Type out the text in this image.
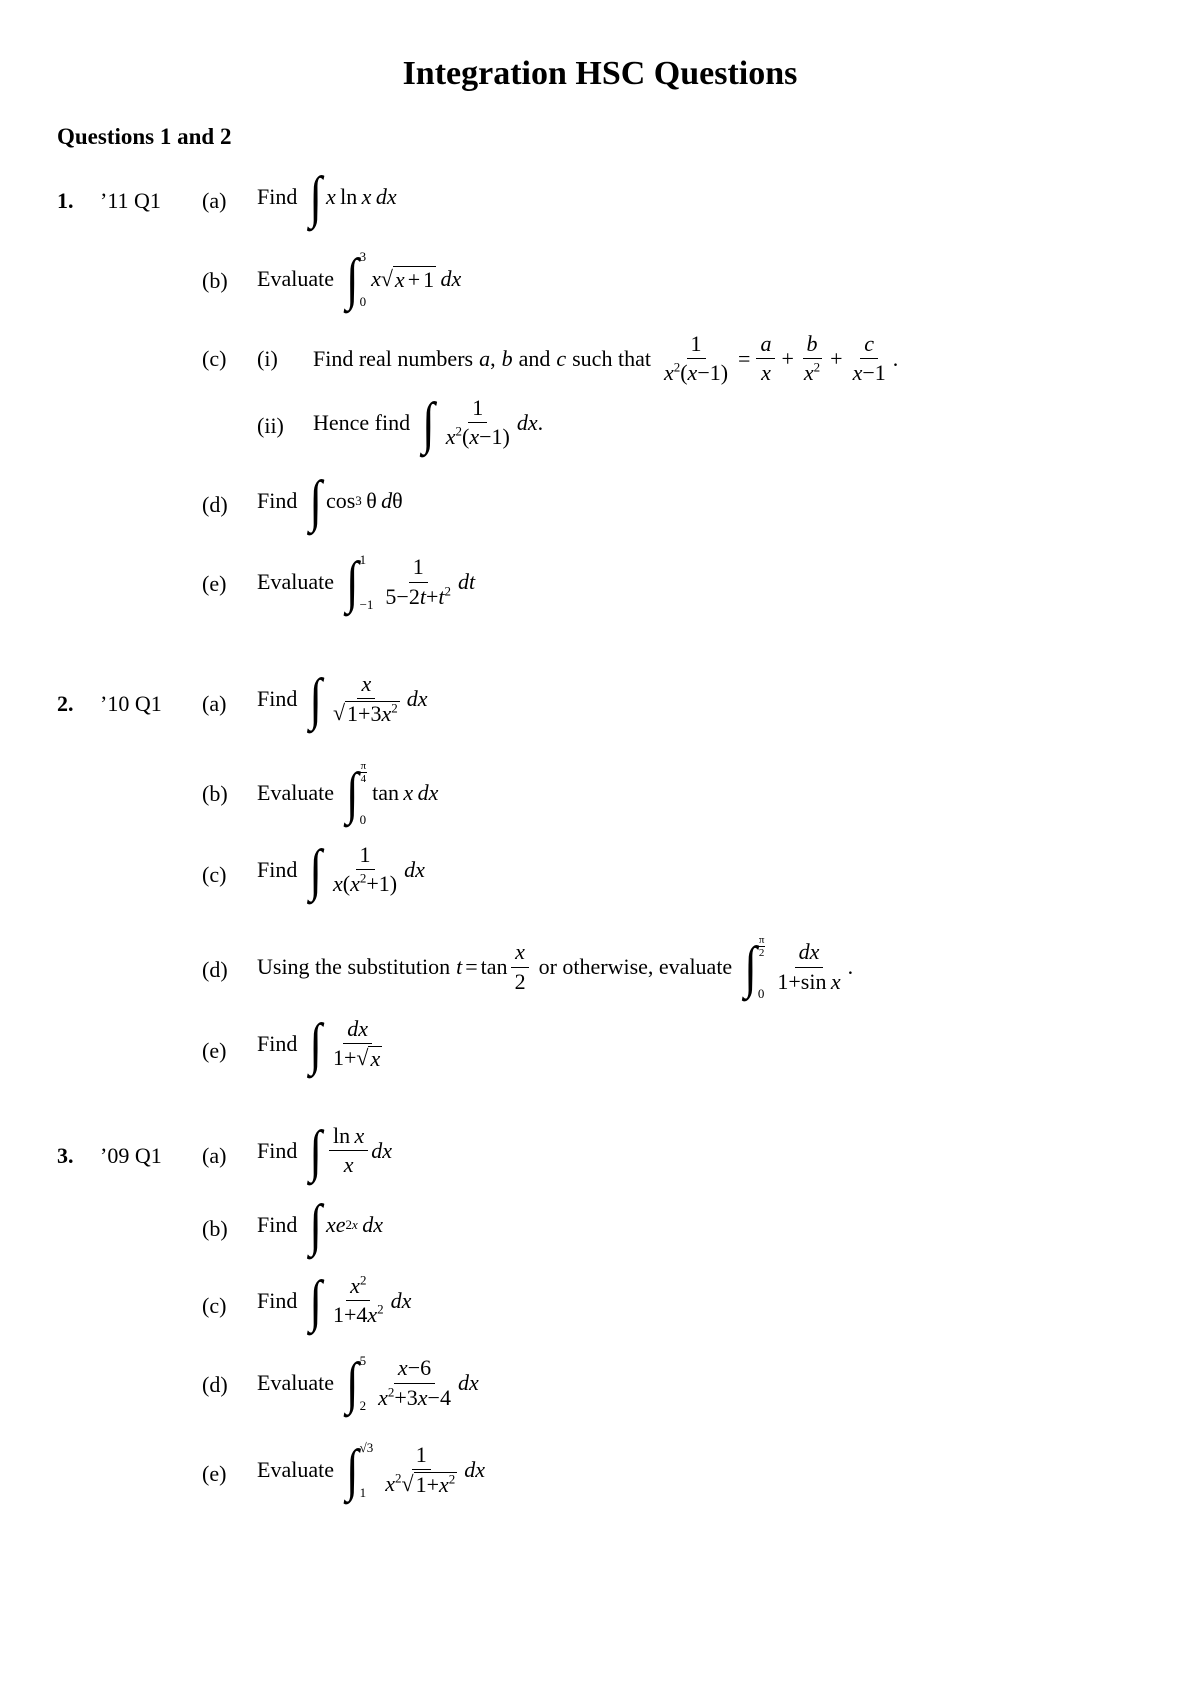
Integration HSC Questions
Questions 1 and 2
1. ’11 Q1 (a) Find ∫ x  ln  x
  dx
(b) Evaluate ∫ 3
0
x √ x + 1
  dx
(c) (i) Find real numbers a , b and c such that $\frac{1}{x^2(x-1)} = \frac{a}{x} + \frac{b}{x^2} + \frac{c}{x-1}$ .
(ii) Hence find ∫ $\frac{1}{x^2(x-1)}$ dx .
(d) Find ∫ cos 3  θ  d θ
(e) Evaluate ∫ 1
$-1 \frac{1}{5-2t+t^2}$ dt
2. ’10 Q1 (a) Find ∫ $\frac{x}{√ 1+3x^2}$ dx
(b) Evaluate ∫ $\frac{\pi}{4}$
0
tan  x
  dx
(c) Find ∫ $\frac{1}{x(x^2+1)}$ dx
(d) Using the substitution $t = \tan \frac{x}{2}$ or otherwise, evaluate ∫ $\frac{\pi}{2}$
$0 \frac{dx}{\text{1+sin x}}$ .
(e) Find ∫ $\frac{dx}{1+ √ x}$
3. ’09 Q1 (a) Find ∫ $\frac{\text{ln x}}{x}$ dx
(b) Find ∫ xe 2x
  dx
(c) Find ∫ $\frac{x^2}{1+4x^2}$ dx
(d) Evaluate ∫ 5
$2 \frac{x-6}{x^2+3x-4}$ dx
(e) Evaluate ∫ √3
$1 \frac{1}{x^2 √ 1+x^2}$ dx
